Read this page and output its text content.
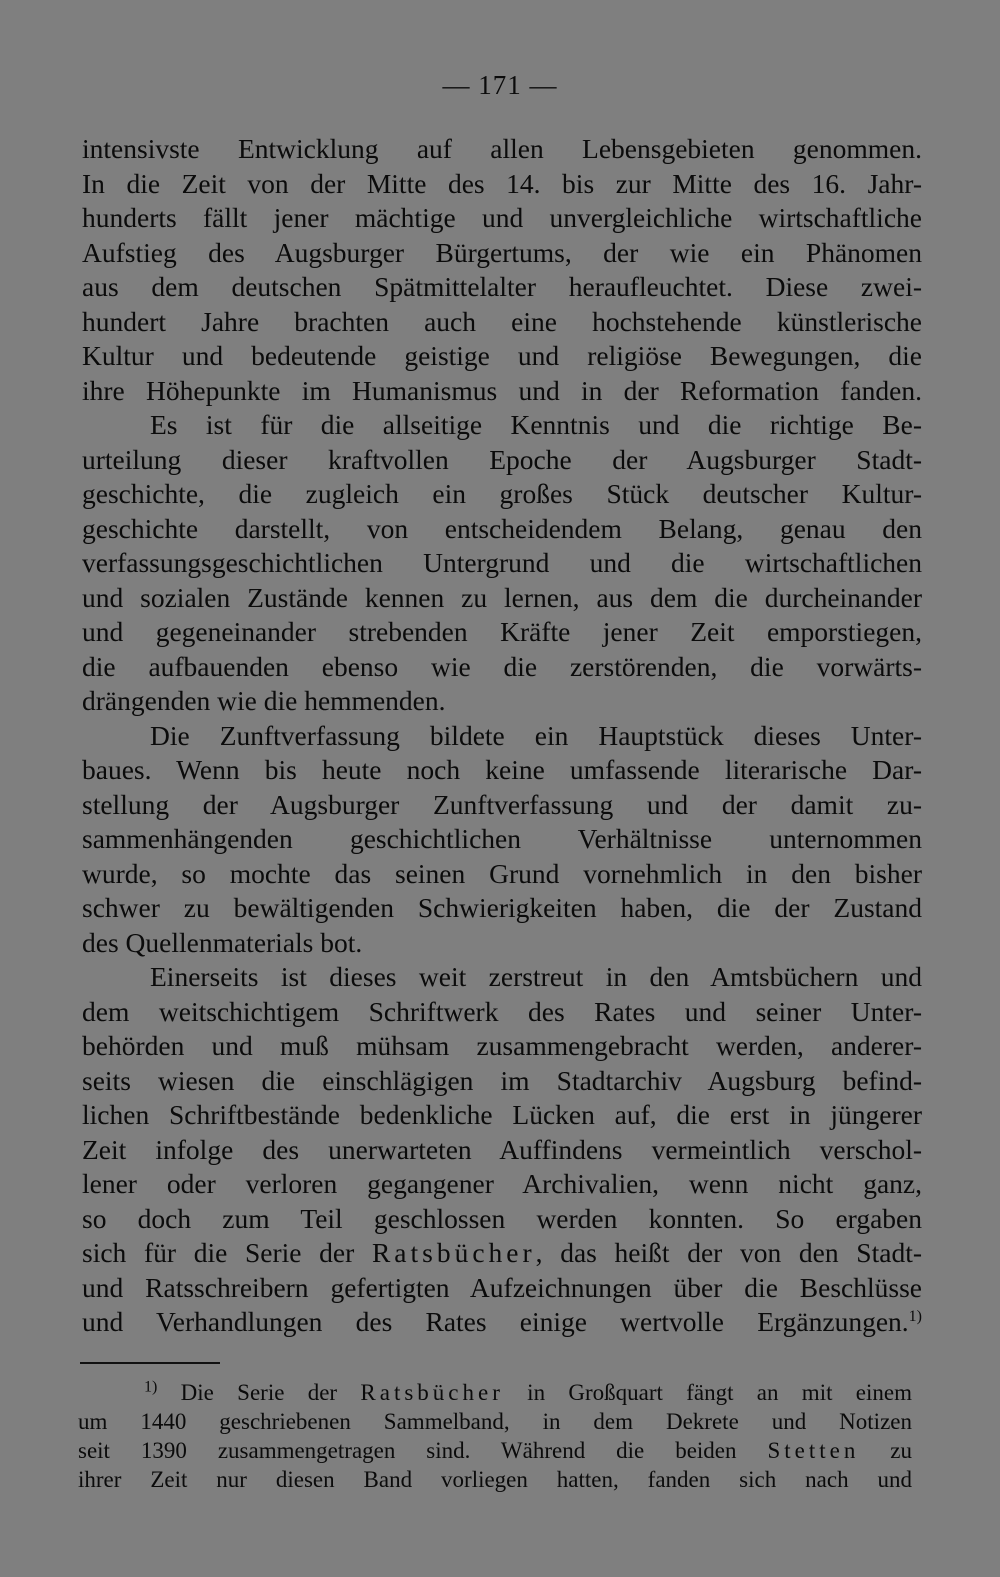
— 171 —
intensivste Entwicklung auf allen Lebensgebieten genommen.
In die Zeit von der Mitte des 14. bis zur Mitte des 16. Jahr-
hunderts fällt jener mächtige und unvergleichliche wirtschaftliche
Aufstieg des Augsburger Bürgertums, der wie ein Phänomen
aus dem deutschen Spätmittelalter heraufleuchtet. Diese zwei-
hundert Jahre brachten auch eine hochstehende künstlerische
Kultur und bedeutende geistige und religiöse Bewegungen, die
ihre Höhepunkte im Humanismus und in der Reformation fanden.
Es ist für die allseitige Kenntnis und die richtige Be-
urteilung dieser kraftvollen Epoche der Augsburger Stadt-
geschichte, die zugleich ein großes Stück deutscher Kultur-
geschichte darstellt, von entscheidendem Belang, genau den
verfassungsgeschichtlichen Untergrund und die wirtschaftlichen
und sozialen Zustände kennen zu lernen, aus dem die durcheinander
und gegeneinander strebenden Kräfte jener Zeit emporstiegen,
die aufbauenden ebenso wie die zerstörenden, die vorwärts-
drängenden wie die hemmenden.
Die Zunftverfassung bildete ein Hauptstück dieses Unter-
baues. Wenn bis heute noch keine umfassende literarische Dar-
stellung der Augsburger Zunftverfassung und der damit zu-
sammenhängenden geschichtlichen Verhältnisse unternommen
wurde, so mochte das seinen Grund vornehmlich in den bisher
schwer zu bewältigenden Schwierigkeiten haben, die der Zustand
des Quellenmaterials bot.
Einerseits ist dieses weit zerstreut in den Amtsbüchern und
dem weitschichtigem Schriftwerk des Rates und seiner Unter-
behörden und muß mühsam zusammengebracht werden, anderer-
seits wiesen die einschlägigen im Stadtarchiv Augsburg befind-
lichen Schriftbestände bedenkliche Lücken auf, die erst in jüngerer
Zeit infolge des unerwarteten Auffindens vermeintlich verschol-
lener oder verloren gegangener Archivalien, wenn nicht ganz,
so doch zum Teil geschlossen werden konnten. So ergaben
sich für die Serie der Ratsbücher, das heißt der von den Stadt-
und Ratsschreibern gefertigten Aufzeichnungen über die Beschlüsse
und Verhandlungen des Rates einige wertvolle Ergänzungen.$^{1)}$
$^{1)}$ Die Serie der Ratsbücher in Großquart fängt an mit einem
um 1440 geschriebenen Sammelband, in dem Dekrete und Notizen
seit 1390 zusammengetragen sind. Während die beiden Stetten zu
ihrer Zeit nur diesen Band vorliegen hatten, fanden sich nach und
